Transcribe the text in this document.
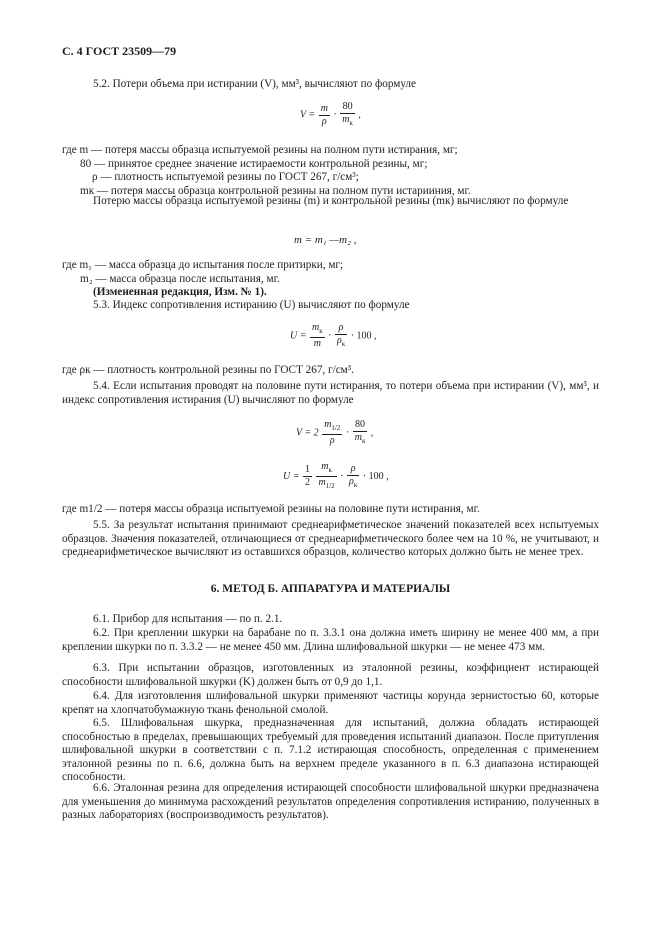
С. 4 ГОСТ 23509—79
5.2. Потери объема при истирании (V), мм³, вычисляют по формуле
$V = \frac{m}{\rho} \cdot \frac{80}{m_к}$ ,
где m — потеря массы образца испытуемой резины на полном пути истирания, мг;
80 — принятое среднее значение истираемости контрольной резины, мг;
ρ — плотность испытуемой резины по ГОСТ 267, г/см³;
mк — потеря массы образца контрольной резины на полном пути истарииния, мг.
Потерю массы образца испытуемой резины (m) и контрольной резины (mк) вычисляют по формуле
m = m₁ —m₂ ,
где m₁ — масса образца до испытания после притирки, мг;
m₂ — масса образца после испытания, мг.
(Измененная редакция, Изм. № 1).
5.3. Индекс сопротивления истиранию (U) вычисляют по формуле
$U = \frac{m_к}{m} \cdot \frac{\rho}{\rho_к} \cdot 100$ ,
где ρк — плотность контрольной резины по ГОСТ 267, г/см³.
5.4. Если испытания проводят на половине пути истирания, то потери объема при истирании (V), мм³, и индекс сопротивления истирания (U) вычисляют по формуле
$V = 2 \frac{m_{1/2}}{\rho} \cdot \frac{80}{m_к}$ ,
$U = \frac{1}{2}$
$\frac{m_к}{m_{1/2}} \cdot \frac{\rho}{\rho_к} \cdot 100$ ,
где m1/2 — потеря массы образца испытуемой резины на половине пути истирания, мг.
5.5. За результат испытания принимают среднеарифметическое значений показателей всех испытуемых образцов. Значения показателей, отличающиеся от среднеарифметического более чем на 10 %, не учитывают, и среднеарифметическое вычисляют из оставшихся образцов, количество которых должно быть не менее трех.
6. МЕТОД Б. АППАРАТУРА И МАТЕРИАЛЫ
6.1. Прибор для испытания — по п. 2.1.
6.2. При креплении шкурки на барабане по п. 3.3.1 она должна иметь ширину не менее 400 мм, а при креплении шкурки по п. 3.3.2 — не менее 450 мм. Длина шлифовальной шкурки — не менее 473 мм.
6.3. При испытании образцов, изготовленных из эталонной резины, коэффициент истирающей способности шлифовальной шкурки (K) должен быть от 0,9 до 1,1.
6.4. Для изготовления шлифовальной шкурки применяют частицы корунда зернистостью 60, которые крепят на хлопчатобумажную ткань фенольной смолой.
6.5. Шлифовальная шкурка, предназначенная для испытаний, должна обладать истирающей способностью в пределах, превышающих требуемый для проведения испытаний диапазон. После притупления шлифовальной шкурки в соответствии с п. 7.1.2 истирающая способность, определенная с применением эталонной резины по п. 6.6, должна быть на верхнем пределе указанного в п. 6.3 диапазона истирающей способности.
6.6. Эталонная резина для определения истирающей способности шлифовальной шкурки предназначена для уменьшения до минимума расхождений результатов определения сопротивления истиранию, полученных в разных лабораториях (воспроизводимость результатов).
